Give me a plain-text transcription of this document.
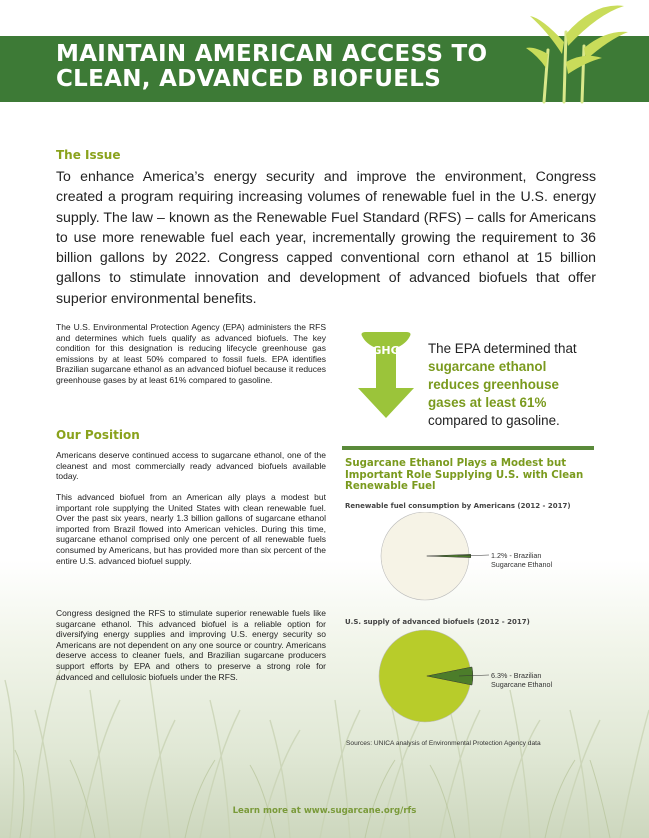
MAINTAIN AMERICAN ACCESS TO CLEAN, ADVANCED BIOFUELS
The Issue
To enhance America’s energy security and improve the environment, Congress created a program requiring increasing volumes of renewable fuel in the U.S. energy supply. The law – known as the Renewable Fuel Standard (RFS) – calls for Americans to use more renewable fuel each year, incrementally growing the requirement to 36 billion gallons by 2022. Congress capped conventional corn ethanol at 15 billion gallons to stimulate innovation and development of advanced biofuels that offer superior environmental benefits.
The U.S. Environmental Protection Agency (EPA) administers the RFS and determines which fuels qualify as advanced biofuels. The key condition for this designation is reducing lifecycle greenhouse gas emissions by at least 50% compared to fossil fuels. EPA identifies Brazilian sugarcane ethanol as an advanced biofuel because it reduces greenhouse gases by at least 61% compared to gasoline.
Our Position
Americans deserve continued access to sugarcane ethanol, one of the cleanest and most commercially ready advanced biofuels available today.
This advanced biofuel from an American ally plays a modest but important role supplying the United States with clean renewable fuel. Over the past six years, nearly 1.3 billion gallons of sugarcane ethanol imported from Brazil flowed into American vehicles. During this time, sugarcane ethanol comprised only one percent of all renewable fuels consumed by Americans, but has provided more than six percent of the entire U.S. advanced biofuel supply.
Congress designed the RFS to stimulate superior renewable fuels like sugarcane ethanol. This advanced biofuel is a reliable option for diversifying energy supplies and improving U.S. energy security so Americans are not dependent on any one source or country. Americans deserve access to cleaner fuels, and Brazilian sugarcane producers support efforts by EPA and others to preserve a strong role for advanced and cellulosic biofuels under the RFS.
GHG The EPA determined that sugarcane ethanol reduces greenhouse gases at least 61% compared to gasoline.
Sugarcane Ethanol Plays a Modest but Important Role Supplying U.S. with Clean Renewable Fuel
Renewable fuel consumption by Americans (2012 - 2017)
1.2% - Brazilian
Sugarcane Ethanol
U.S. supply of advanced biofuels (2012 - 2017)
6.3% - Brazilian
Sugarcane Ethanol
Sources: UNICA analysis of Environmental Protection Agency data
Learn more at www.sugarcane.org/rfs
